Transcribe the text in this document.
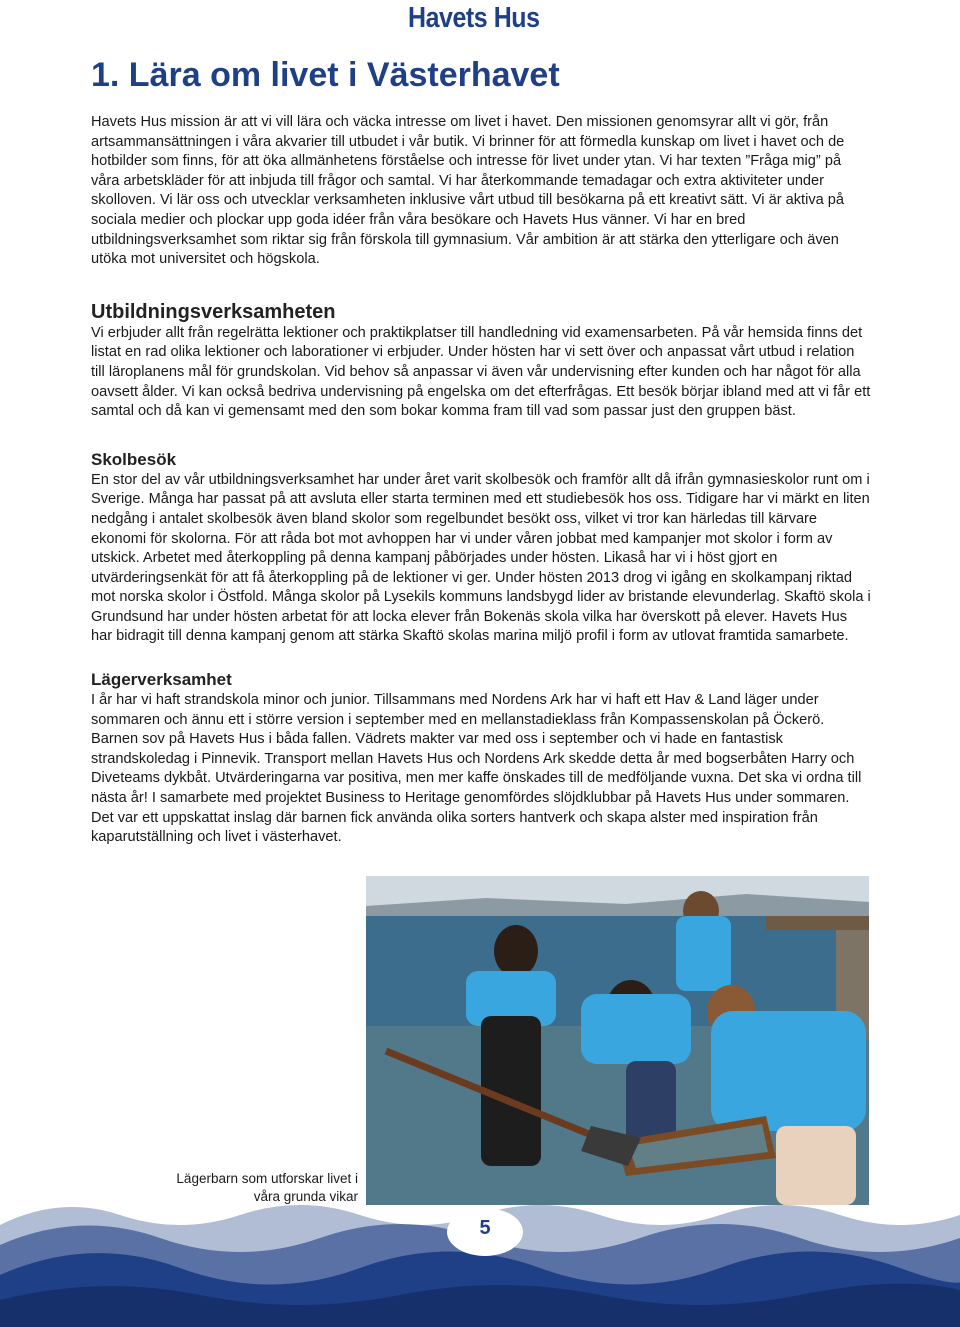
Havets Hus
1. Lära om livet i Västerhavet

Havets Hus mission är att vi vill lära och väcka intresse om livet i havet. Den missionen genomsyrar allt vi gör, från artsammansättningen i våra akvarier till utbudet i vår butik. Vi brinner för att förmedla kunskap om livet i havet och de hotbilder som finns, för att öka allmänhetens förståelse och intresse för livet under ytan. Vi har texten ”Fråga mig” på våra arbetskläder för att inbjuda till frågor och samtal. Vi har återkommande temadagar och extra aktiviteter under skolloven. Vi lär oss och utvecklar verksamheten inklusive vårt utbud till besökarna på ett kreativt sätt. Vi är aktiva på sociala medier och plockar upp goda idéer från våra besökare och Havets Hus vänner. Vi har en bred utbildningsverksamhet som riktar sig från förskola till gymnasium. Vår ambition är att stärka den ytterligare och även utöka mot universitet och högskola.

Utbildningsverksamheten

Vi erbjuder allt från regelrätta lektioner och praktikplatser till handledning vid examensarbeten. På vår hemsida finns det listat en rad olika lektioner och laborationer vi erbjuder. Under hösten har vi sett över och anpassat vårt utbud i relation till läroplanens mål för grundskolan. Vid behov så anpassar vi även vår undervisning efter kunden och har något för alla oavsett ålder. Vi kan också bedriva undervisning på engelska om det efterfrågas. Ett besök börjar ibland med att vi får ett samtal och då kan vi gemensamt med den som bokar komma fram till vad som passar just den gruppen bäst.

Skolbesök

En stor del av vår utbildningsverksamhet har under året varit skolbesök och framför allt då ifrån gymnasieskolor runt om i Sverige. Många har passat på att avsluta eller starta terminen med ett studiebesök hos oss. Tidigare har vi märkt en liten nedgång i antalet skolbesök även bland skolor som regelbundet besökt oss, vilket vi tror kan härledas till kärvare ekonomi för skolorna. För att råda bot mot avhoppen har vi under våren jobbat med kampanjer mot skolor i form av utskick. Arbetet med återkoppling på denna kampanj påbörjades under hösten. Likaså har vi i höst gjort en utvärderingsenkät för att få återkoppling på de lektioner vi ger. Under hösten 2013 drog vi igång en skolkampanj riktad mot norska skolor i Östfold. Många skolor på Lysekils kommuns landsbygd lider av bristande elevunderlag. Skaftö skola i Grundsund har under hösten arbetat för att locka elever från Bokenäs skola vilka har överskott på elever. Havets Hus har bidragit till denna kampanj genom att stärka Skaftö skolas marina miljö profil i form av utlovat framtida samarbete.

Lägerverksamhet

I år har vi haft strandskola minor och junior. Tillsammans med Nordens Ark har vi haft ett Hav & Land läger under sommaren och ännu ett i större version i september med en mellanstadieklass från Kompassenskolan på Öckerö. Barnen sov på Havets Hus i båda fallen. Vädrets makter var med oss i september och vi hade en fantastisk strandskoledag i Pinnevik. Transport mellan Havets Hus och Nordens Ark skedde detta år med bogserbåten Harry och Diveteams dykbåt. Utvärderingarna var positiva, men mer kaffe önskades till de medföljande vuxna. Det ska vi ordna till nästa år! I samarbete med projektet Business to Heritage genomfördes slöjdklubbar på Havets Hus under sommaren. Det var ett uppskattat inslag där barnen fick använda olika sorters hantverk och skapa alster med inspiration från kaparutställning och livet i västerhavet.

Lägerbarn som utforskar livet i våra grunda vikar

5
